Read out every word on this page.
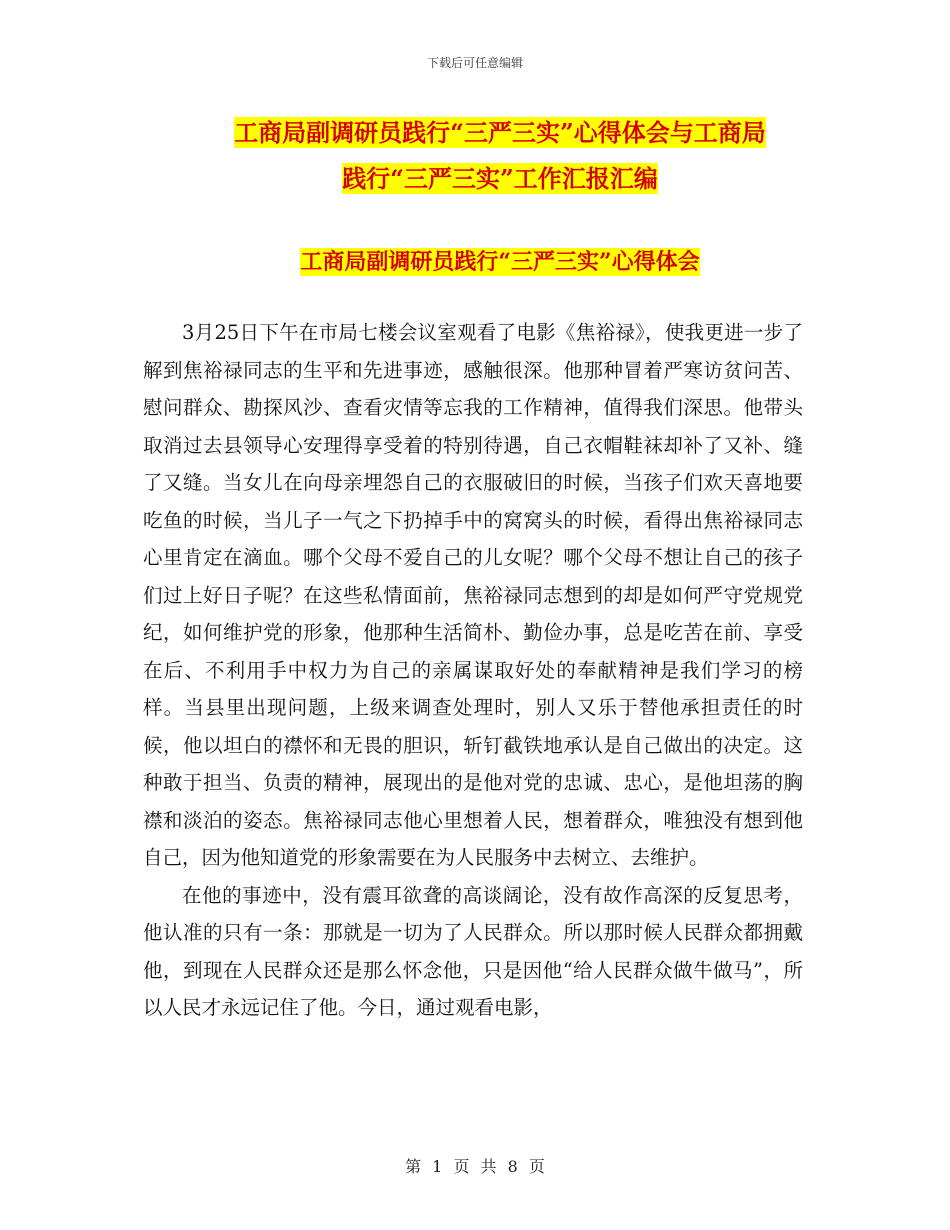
下载后可任意编辑
工商局副调研员践行“三严三实”心得体会与工商局
践行“三严三实”工作汇报汇编
工商局副调研员践行“三严三实”心得体会

3月25日下午在市局七楼会议室观看了电影《焦裕禄》，使我更进一步了解到焦裕禄同志的生平和先进事迹，感触很深。他那种冒着严寒访贫问苦、慰问群众、勘探风沙、查看灾情等忘我的工作精神，值得我们深思。他带头取消过去县领导心安理得享受着的特别待遇，自己衣帽鞋袜却补了又补、缝了又缝。当女儿在向母亲埋怨自己的衣服破旧的时候，当孩子们欢天喜地要吃鱼的时候，当儿子一气之下扔掉手中的窝窝头的时候，看得出焦裕禄同志心里肯定在滴血。哪个父母不爱自己的儿女呢？哪个父母不想让自己的孩子们过上好日子呢？在这些私情面前，焦裕禄同志想到的却是如何严守党规党纪，如何维护党的形象，他那种生活简朴、勤俭办事，总是吃苦在前、享受在后、不利用手中权力为自己的亲属谋取好处的奉献精神是我们学习的榜样。当县里出现问题，上级来调查处理时，别人又乐于替他承担责任的时候，他以坦白的襟怀和无畏的胆识，斩钉截铁地承认是自己做出的决定。这种敢于担当、负责的精神，展现出的是他对党的忠诚、忠心，是他坦荡的胸襟和淡泊的姿态。焦裕禄同志他心里想着人民，想着群众，唯独没有想到他自己，因为他知道党的形象需要在为人民服务中去树立、去维护。

在他的事迹中，没有震耳欲聋的高谈阔论，没有故作高深的反复思考，他认准的只有一条：那就是一切为了人民群众。所以那时候人民群众都拥戴他，到现在人民群众还是那么怀念他，只是因他“给人民群众做牛做马”，所以人民才永远记住了他。今日，通过观看电影，

第 1 页 共 8 页
